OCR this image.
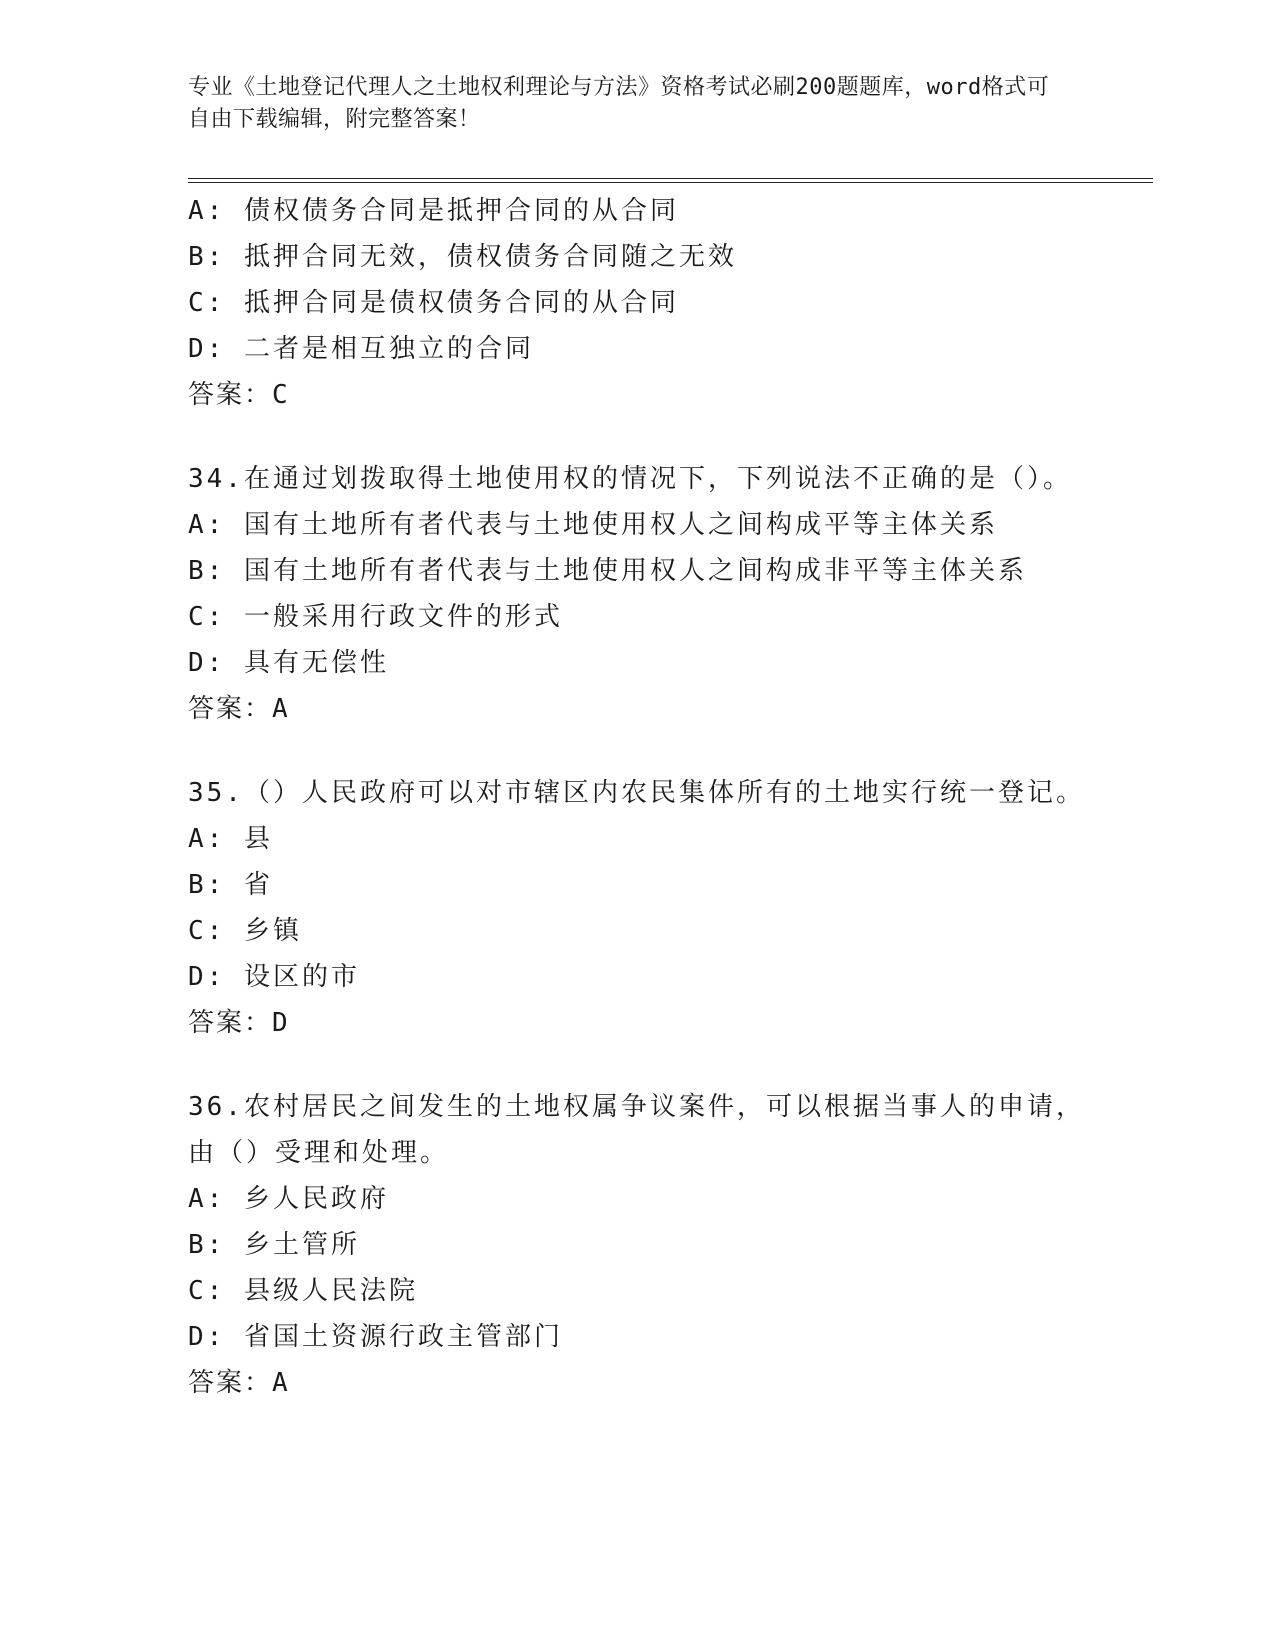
专业《土地登记代理人之土地权利理论与方法》资格考试必刷200题题库，word格式可自由下载编辑，附完整答案！
A: 债权债务合同是抵押合同的从合同
B: 抵押合同无效，债权债务合同随之无效
C: 抵押合同是债权债务合同的从合同
D: 二者是相互独立的合同
答案：C
34.在通过划拨取得土地使用权的情况下，下列说法不正确的是（）。
A: 国有土地所有者代表与土地使用权人之间构成平等主体关系
B: 国有土地所有者代表与土地使用权人之间构成非平等主体关系
C: 一般采用行政文件的形式
D: 具有无偿性
答案：A
35.（）人民政府可以对市辖区内农民集体所有的土地实行统一登记。
A: 县
B: 省
C: 乡镇
D: 设区的市
答案：D
36.农村居民之间发生的土地权属争议案件，可以根据当事人的申请，由（）受理和处理。
A: 乡人民政府
B: 乡土管所
C: 县级人民法院
D: 省国土资源行政主管部门
答案：A
